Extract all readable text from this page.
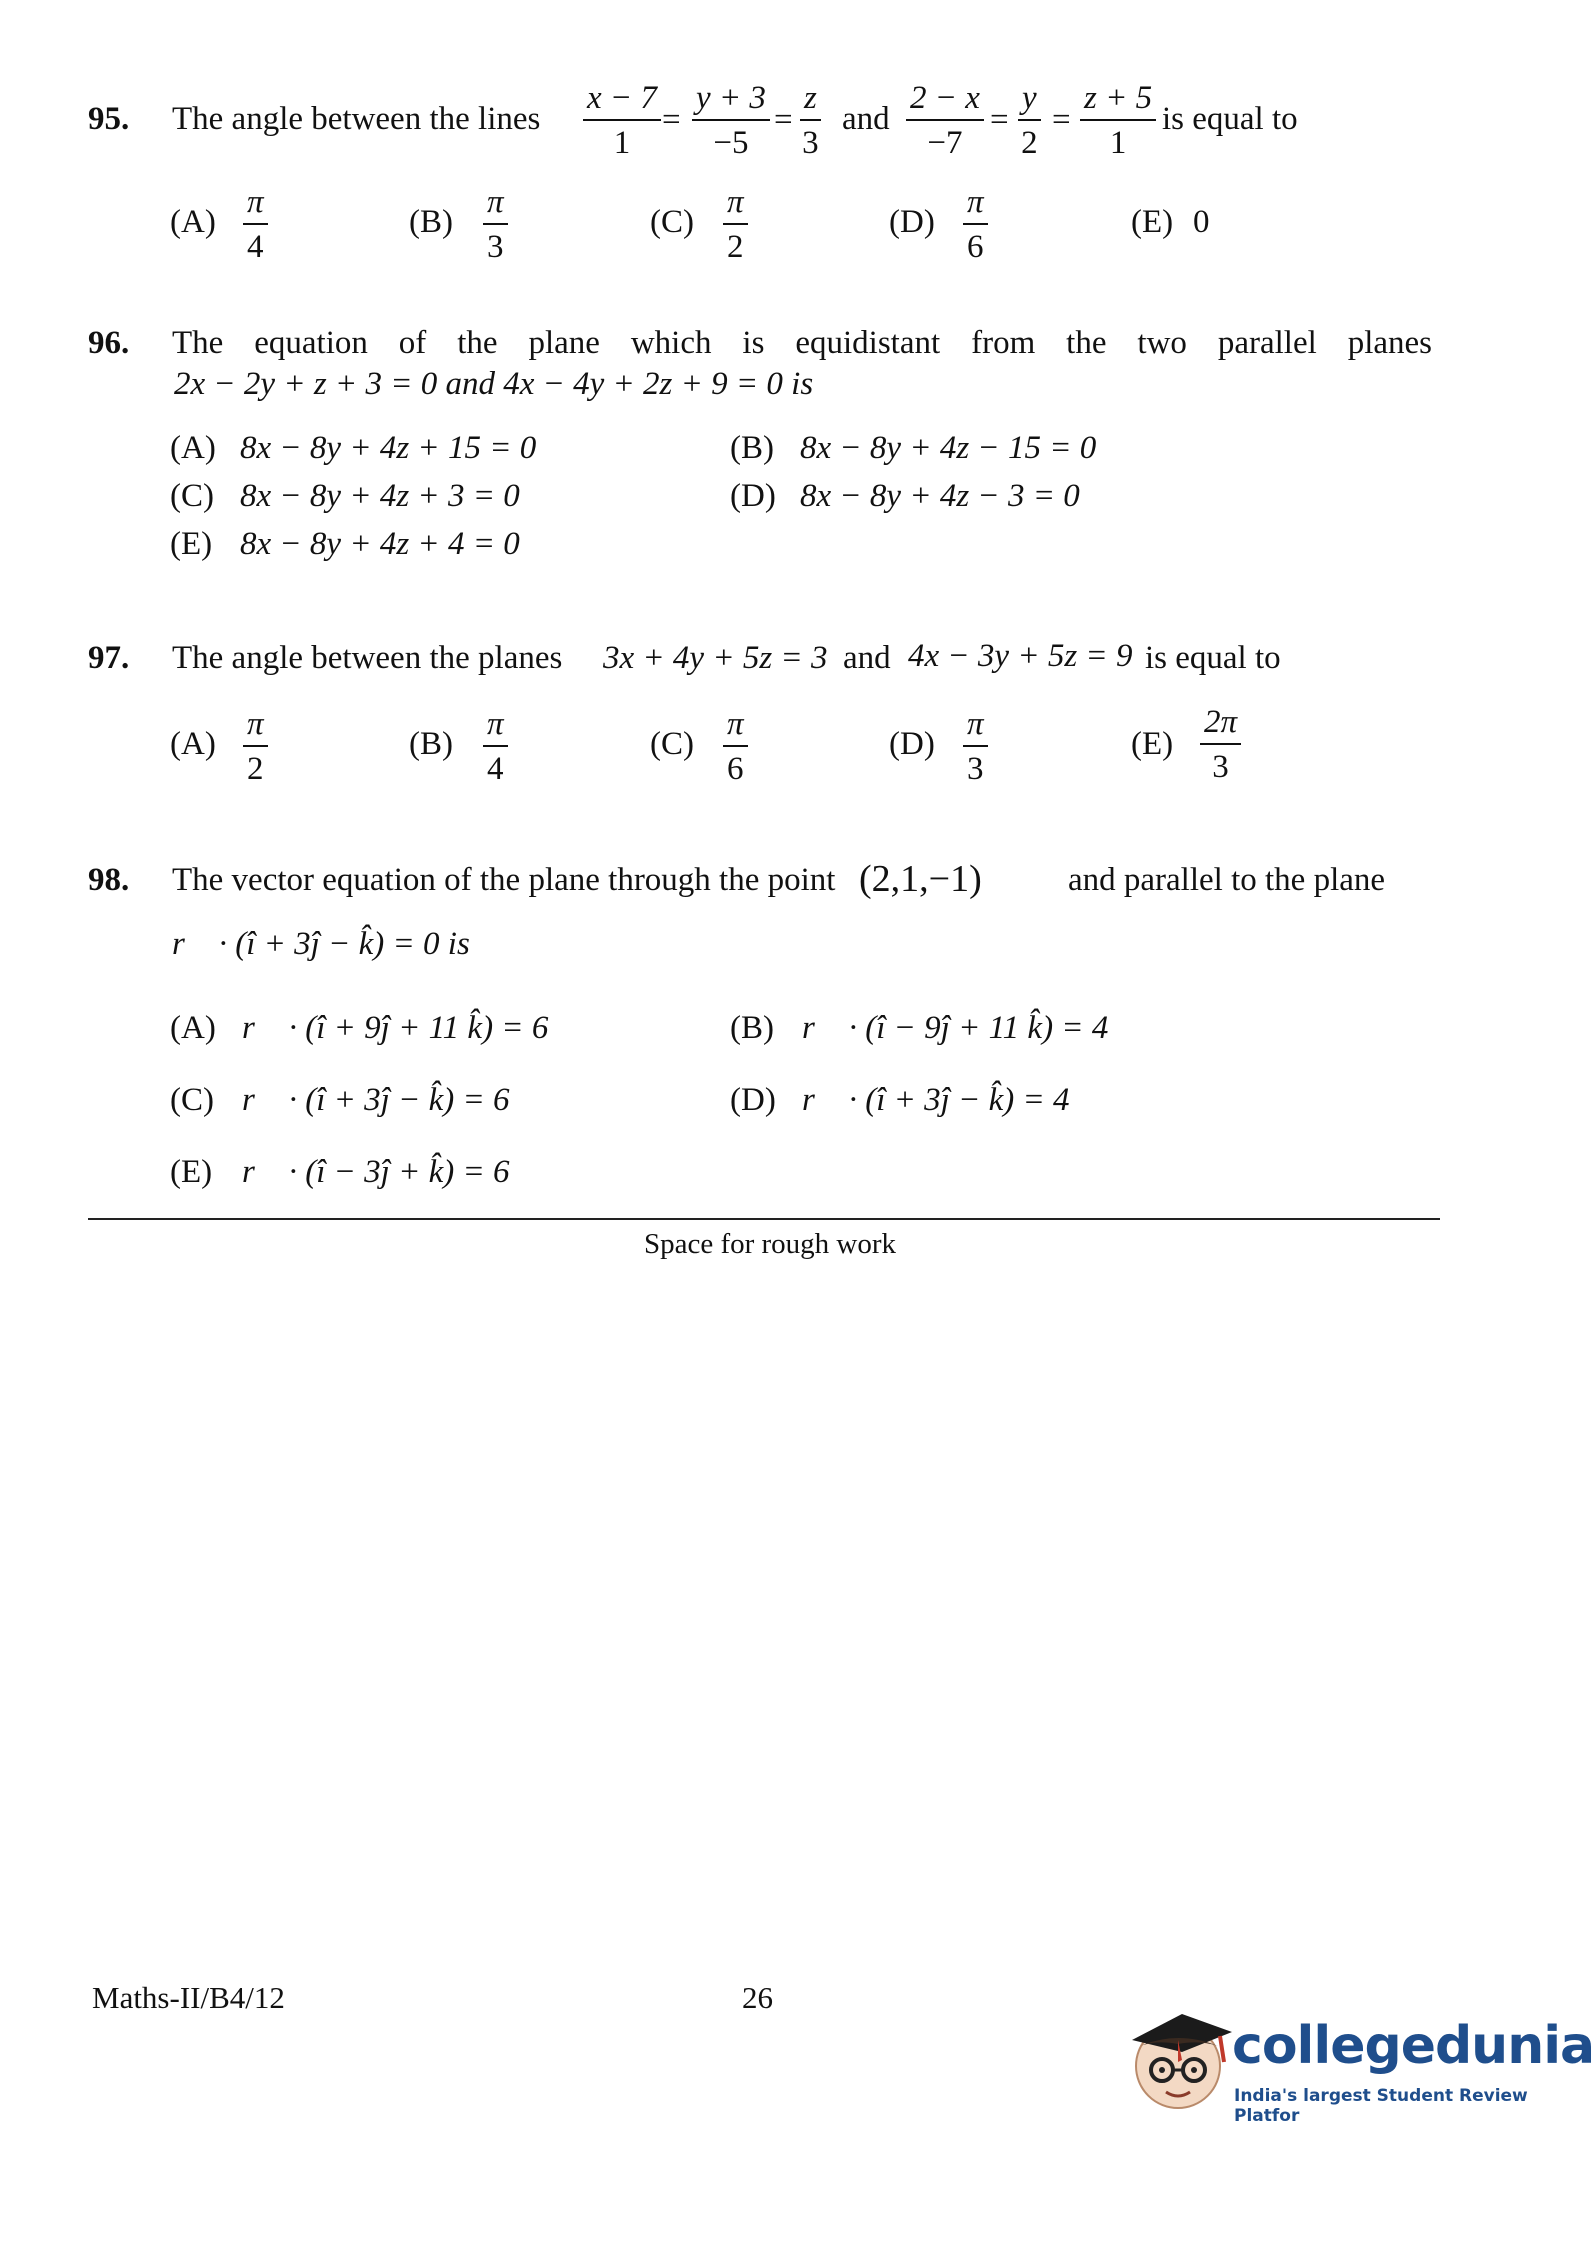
95. The angle between the lines $\frac{x - 7}{1} = \frac{y + 3}{-5} = \frac{z}{3}$ and $\frac{2 - x}{-7} = \frac{y}{2} = \frac{z + 5}{1}$ is equal to
$(A) \frac{\pi}{4}$	$(B) \frac{\pi}{3}$	$(C) \frac{\pi}{2}$	$(D) \frac{\pi}{6}$	(E) 0
96. The equation of the plane which is equidistant from the two parallel planes
2x − 2y + z + 3 = 0 and 4x − 4y + 2z + 9 = 0 is
(A) 8x − 8y + 4z + 15 = 0	(B) 8x − 8y + 4z − 15 = 0
(C) 8x − 8y + 4z + 3 = 0	(D) 8x − 8y + 4z − 3 = 0
(E) 8x − 8y + 4z + 4 = 0
97. The angle between the planes 3x + 4y + 5z = 3 and 4x − 3y + 5z = 9 is equal to
$(A) \frac{\pi}{2}$	$(B) \frac{\pi}{4}$	$(C) \frac{\pi}{6}$	$(D) \frac{\pi}{3}$	$(E) \frac{2\pi}{3}$
98. The vector equation of the plane through the point (2,1,−1)	and parallel to the plane
r⃗ · (î + 3ĵ − k̂) = 0 is
(A) r⃗ · (î + 9ĵ + 11 k̂) = 6	(B) r⃗ · (î − 9ĵ + 11 k̂) = 4
(C) r⃗ · (î + 3ĵ − k̂) = 6	(D) r⃗ · (î + 3ĵ − k̂) = 4
(E) r⃗ · (î − 3ĵ + k̂) = 6
Space for rough work
Maths-II/B4/12	26
collegedunia
India's largest Student Review Platfor
